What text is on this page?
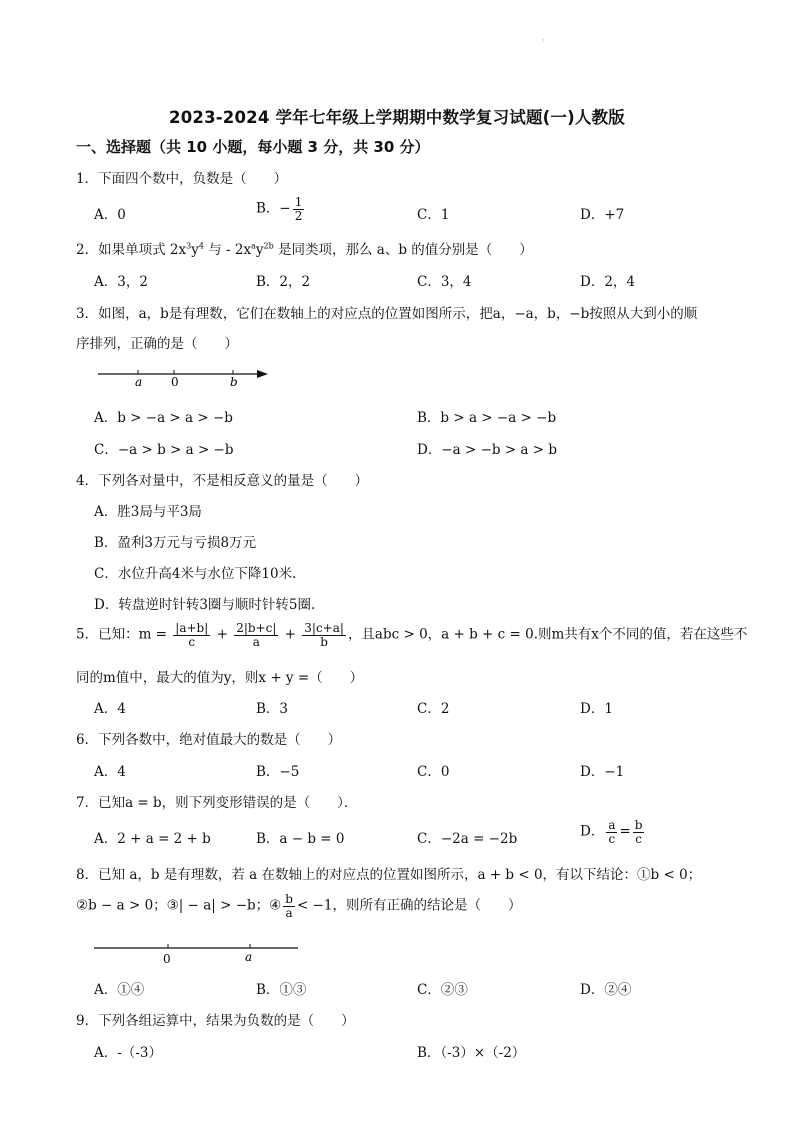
·
2023-2024 学年七年级上学期期中数学复习试题(一)人教版
一、选择题（共 10 小题，每小题 3 分，共 30 分）
1．下面四个数中，负数是（　　）
A．0	B．− $\frac{1}{2}$	C．1	D．+7
2．如果单项式 $2x^3y^4$ 与 - $2x^ay^{2b}$ 是同类项，那么 a、b 的值分别是（　　）
A．3，2	B．2，2	C．3，4	D．2，4
3．如图，a，b是有理数，它们在数轴上的对应点的位置如图所示，把a，−a，b，−b按照从大到小的顺
序排列，正确的是（　　）
a 0	b
A．b > −a > a > −b	B．b > a > −a > −b
C．−a > b > a > −b	D．−a > −b > a > b
4．下列各对量中，不是相反意义的量是（　　）
A．胜3局与平3局
B．盈利3万元与亏损8万元
C．水位升高4米与水位下降10米.
D．转盘逆时针转3圈与顺时针转5圈.
5．已知：$m = \frac{|a+b|}{c} + \frac{2|b+c|}{a} + \frac{3|c+a|}{b}$ ，且abc > 0，a + b + c = 0.则m共有x个不同的值，若在这些不
同的m值中，最大的值为y，则x + y =（　　）
A．4	B．3	C．2	D．1
6．下列各数中，绝对值最大的数是（　　）
A．4	B．−5	C．0	D．−1
7．已知a = b，则下列变形错误的是（　　）．
A．2 + a = 2 + b	B．a − b = 0	C．−2a = −2b	D． $\frac{a}{c} = \frac{b}{c}$
8．已知 a，b 是有理数，若 a 在数轴上的对应点的位置如图所示，a + b < 0，有以下结论：①b < 0；
②b − a > 0；③| − a| > −b；④ $\frac{b}{a} < -1$，则所有正确的结论是（　　）
0	a
A．①④	B．①③	C．②③	D．②④
9．下列各组运算中，结果为负数的是（　　）
A．-（-3）	B．（-3）×（-2）
